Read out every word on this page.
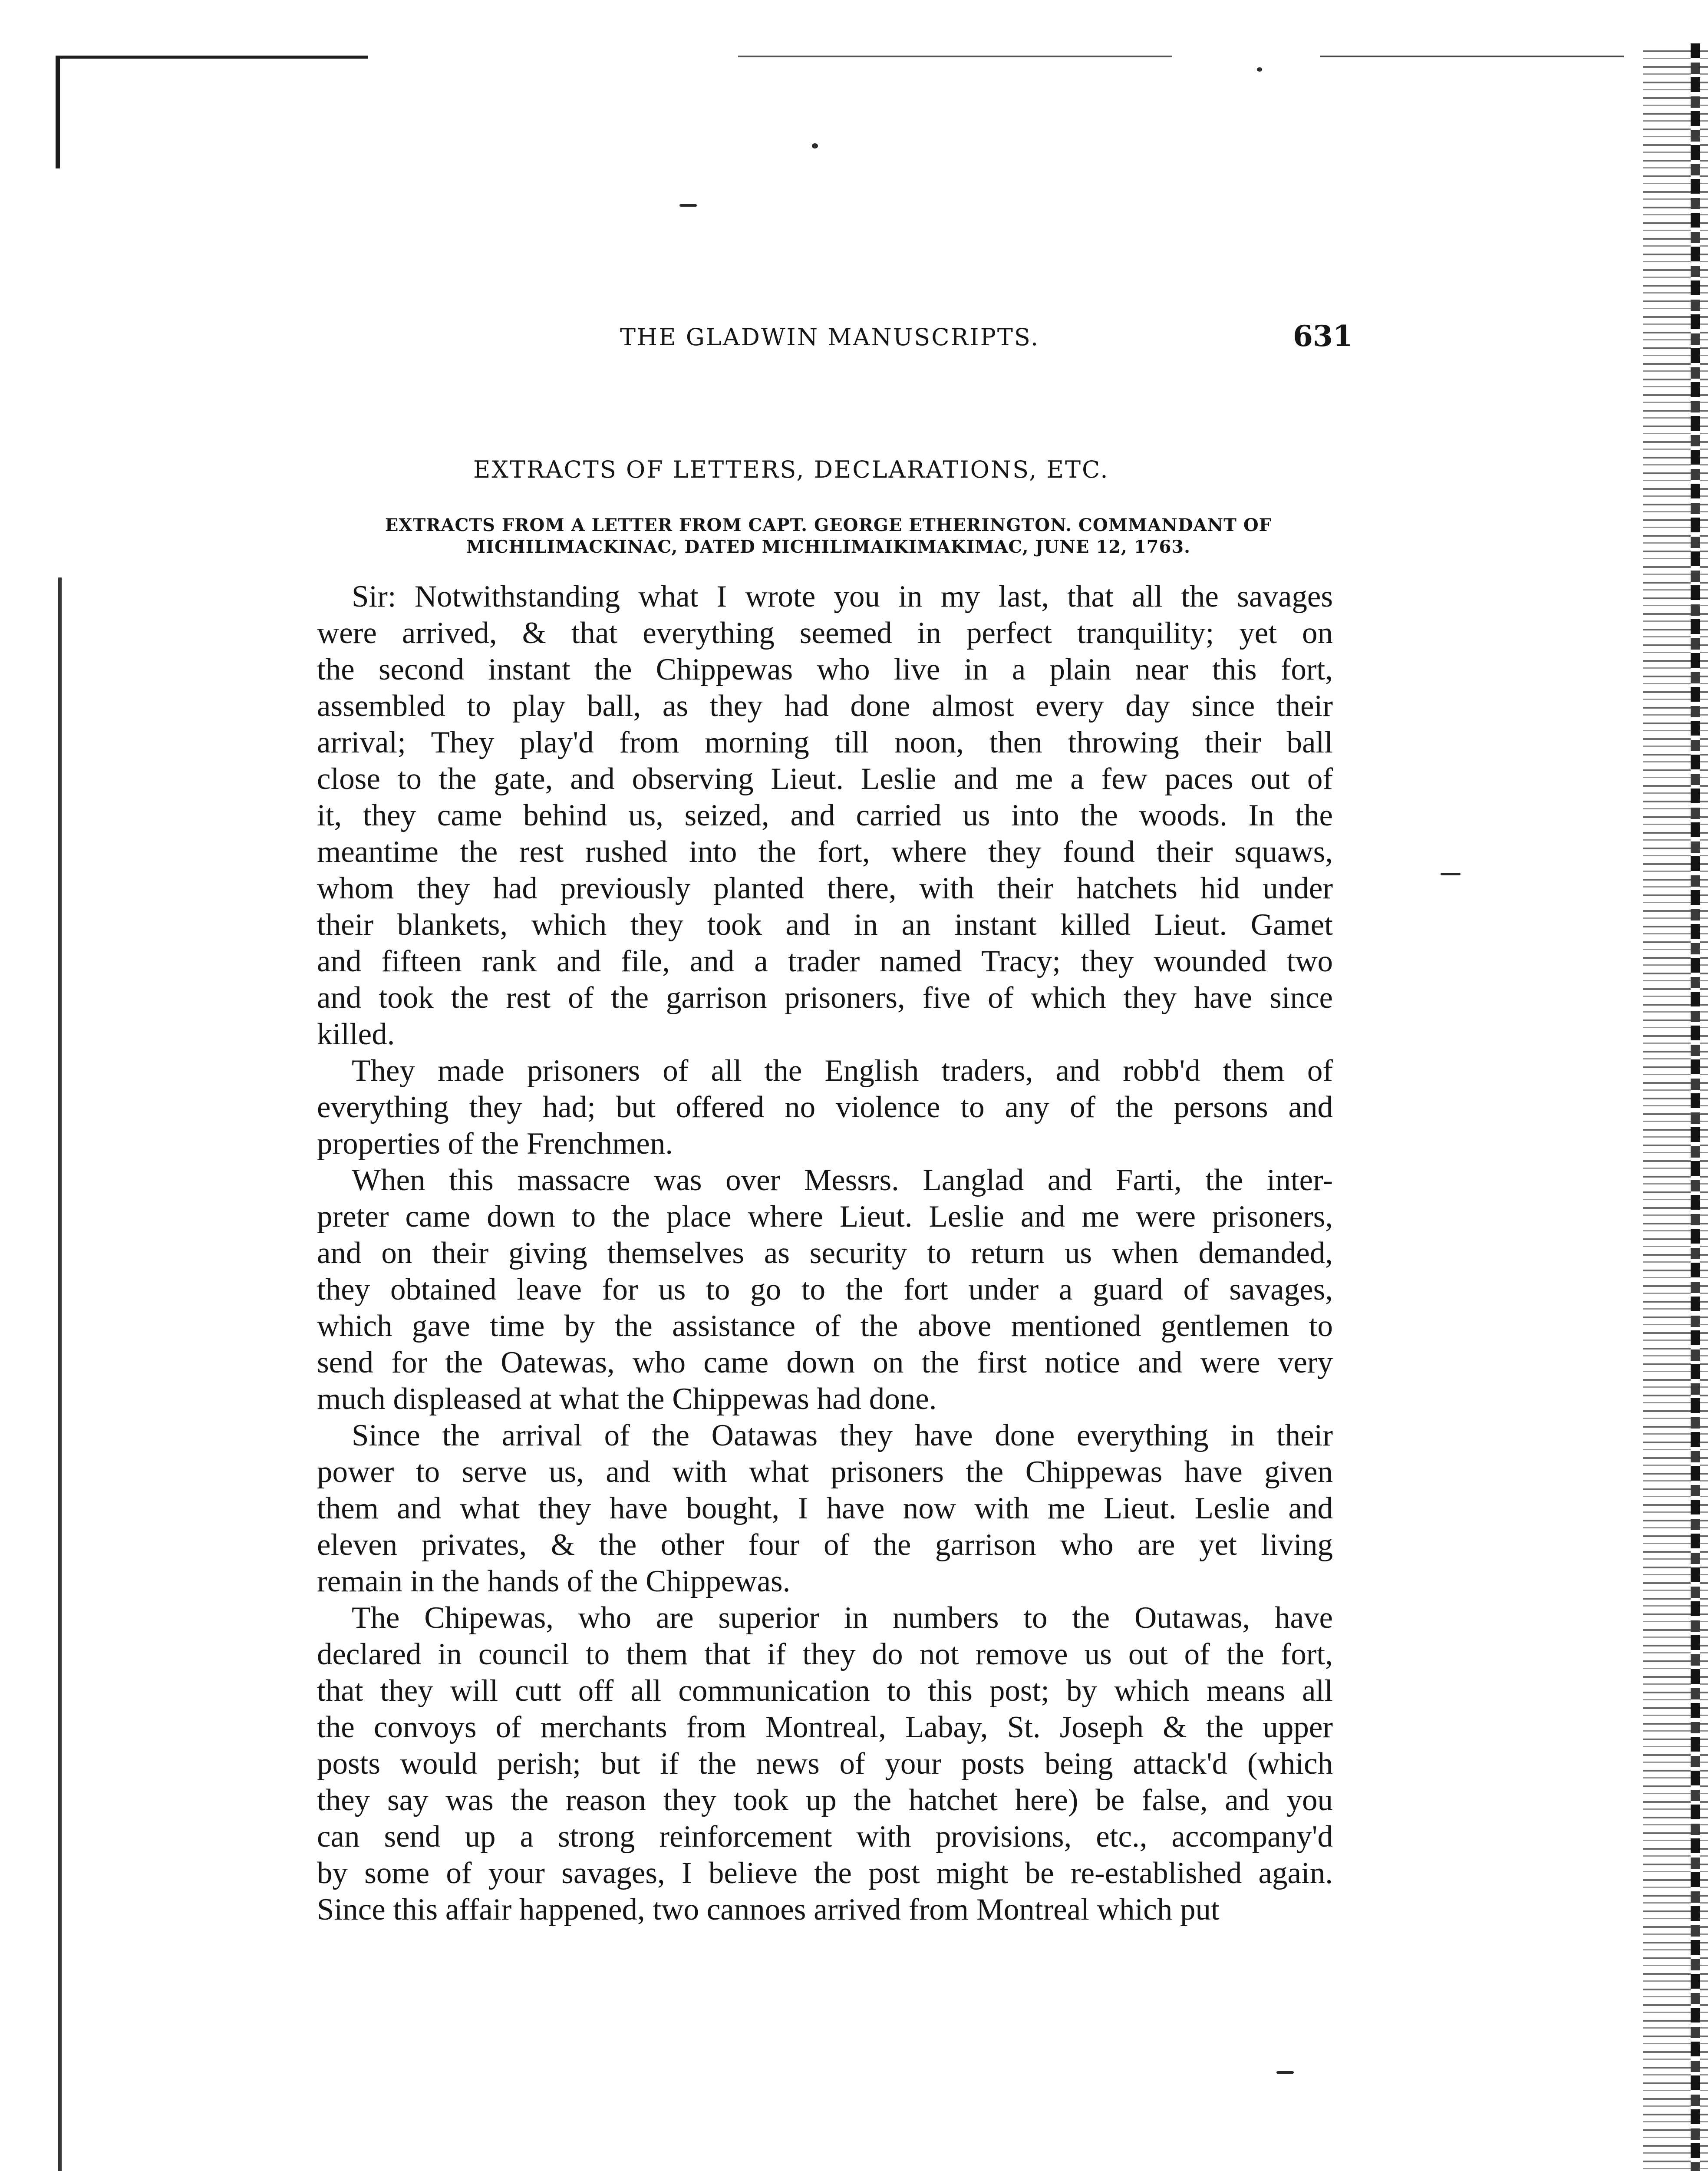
THE GLADWIN MANUSCRIPTS.	631
EXTRACTS OF LETTERS, DECLARATIONS, ETC.
EXTRACTS FROM A LETTER FROM CAPT. GEORGE ETHERINGTON. COMMANDANT OF
MICHILIMACKINAC, DATED MICHILIMAIKIMAKIMAC, JUNE 12, 1763.

Sir: Notwithstanding what I wrote you in my last, that all the savages
were arrived, & that everything seemed in perfect tranquility; yet on
the second instant the Chippewas who live in a plain near this fort,
assembled to play ball, as they had done almost every day since their
arrival; They play'd from morning till noon, then throwing their ball
close to the gate, and observing Lieut. Leslie and me a few paces out of
it, they came behind us, seized, and carried us into the woods. In the
meantime the rest rushed into the fort, where they found their squaws,
whom they had previously planted there, with their hatchets hid under
their blankets, which they took and in an instant killed Lieut. Gamet
and fifteen rank and file, and a trader named Tracy; they wounded two
and took the rest of the garrison prisoners, five of which they have since
killed.

They made prisoners of all the English traders, and robb'd them of
everything they had; but offered no violence to any of the persons and
properties of the Frenchmen.

When this massacre was over Messrs. Langlad and Farti, the inter-
preter came down to the place where Lieut. Leslie and me were prisoners,
and on their giving themselves as security to return us when demanded,
they obtained leave for us to go to the fort under a guard of savages,
which gave time by the assistance of the above mentioned gentlemen to
send for the Oatewas, who came down on the first notice and were very
much displeased at what the Chippewas had done.

Since the arrival of the Oatawas they have done everything in their
power to serve us, and with what prisoners the Chippewas have given
them and what they have bought, I have now with me Lieut. Leslie and
eleven privates, & the other four of the garrison who are yet living
remain in the hands of the Chippewas.

The Chipewas, who are superior in numbers to the Outawas, have
declared in council to them that if they do not remove us out of the fort,
that they will cutt off all communication to this post; by which means all
the convoys of merchants from Montreal, Labay, St. Joseph & the upper
posts would perish; but if the news of your posts being attack'd (which
they say was the reason they took up the hatchet here) be false, and you
can send up a strong reinforcement with provisions, etc., accompany'd
by some of your savages, I believe the post might be re-established again.
Since this affair happened, two cannoes arrived from Montreal which put
